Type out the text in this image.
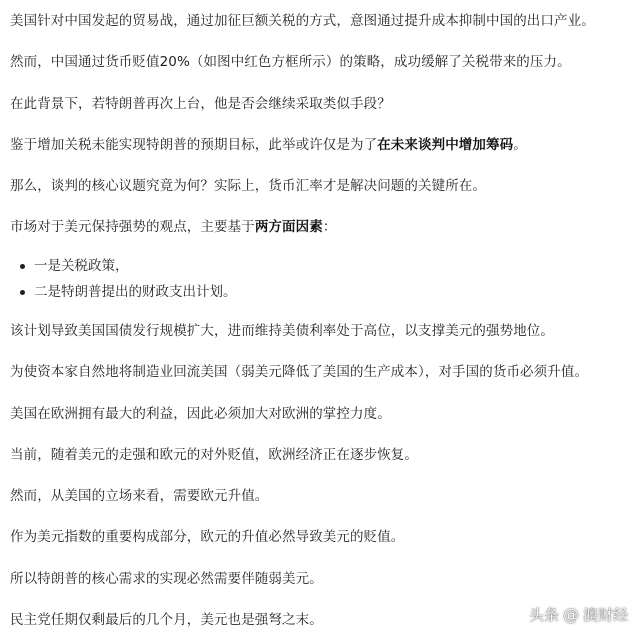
美国针对中国发起的贸易战，通过加征巨额关税的方式，意图通过提升成本抑制中国的出口产业。

然而，中国通过货币贬值20%（如图中红色方框所示）的策略，成功缓解了关税带来的压力。

在此背景下，若特朗普再次上台，他是否会继续采取类似手段？

鉴于增加关税未能实现特朗普的预期目标，此举或许仅是为了在未来谈判中增加筹码。

那么，谈判的核心议题究竟为何？实际上，货币汇率才是解决问题的关键所在。

市场对于美元保持强势的观点，主要基于两方面因素：

一是关税政策，
二是特朗普提出的财政支出计划。

该计划导致美国国债发行规模扩大，进而维持美债利率处于高位，以支撑美元的强势地位。

为使资本家自然地将制造业回流美国（弱美元降低了美国的生产成本），对手国的货币必须升值。

美国在欧洲拥有最大的利益，因此必须加大对欧洲的掌控力度。

当前，随着美元的走强和欧元的对外贬值，欧洲经济正在逐步恢复。

然而，从美国的立场来看，需要欧元升值。

作为美元指数的重要构成部分，欧元的升值必然导致美元的贬值。

所以特朗普的核心需求的实现必然需要伴随弱美元。

民主党任期仅剩最后的几个月，美元也是强弩之末。	头条 @ 澳财经
